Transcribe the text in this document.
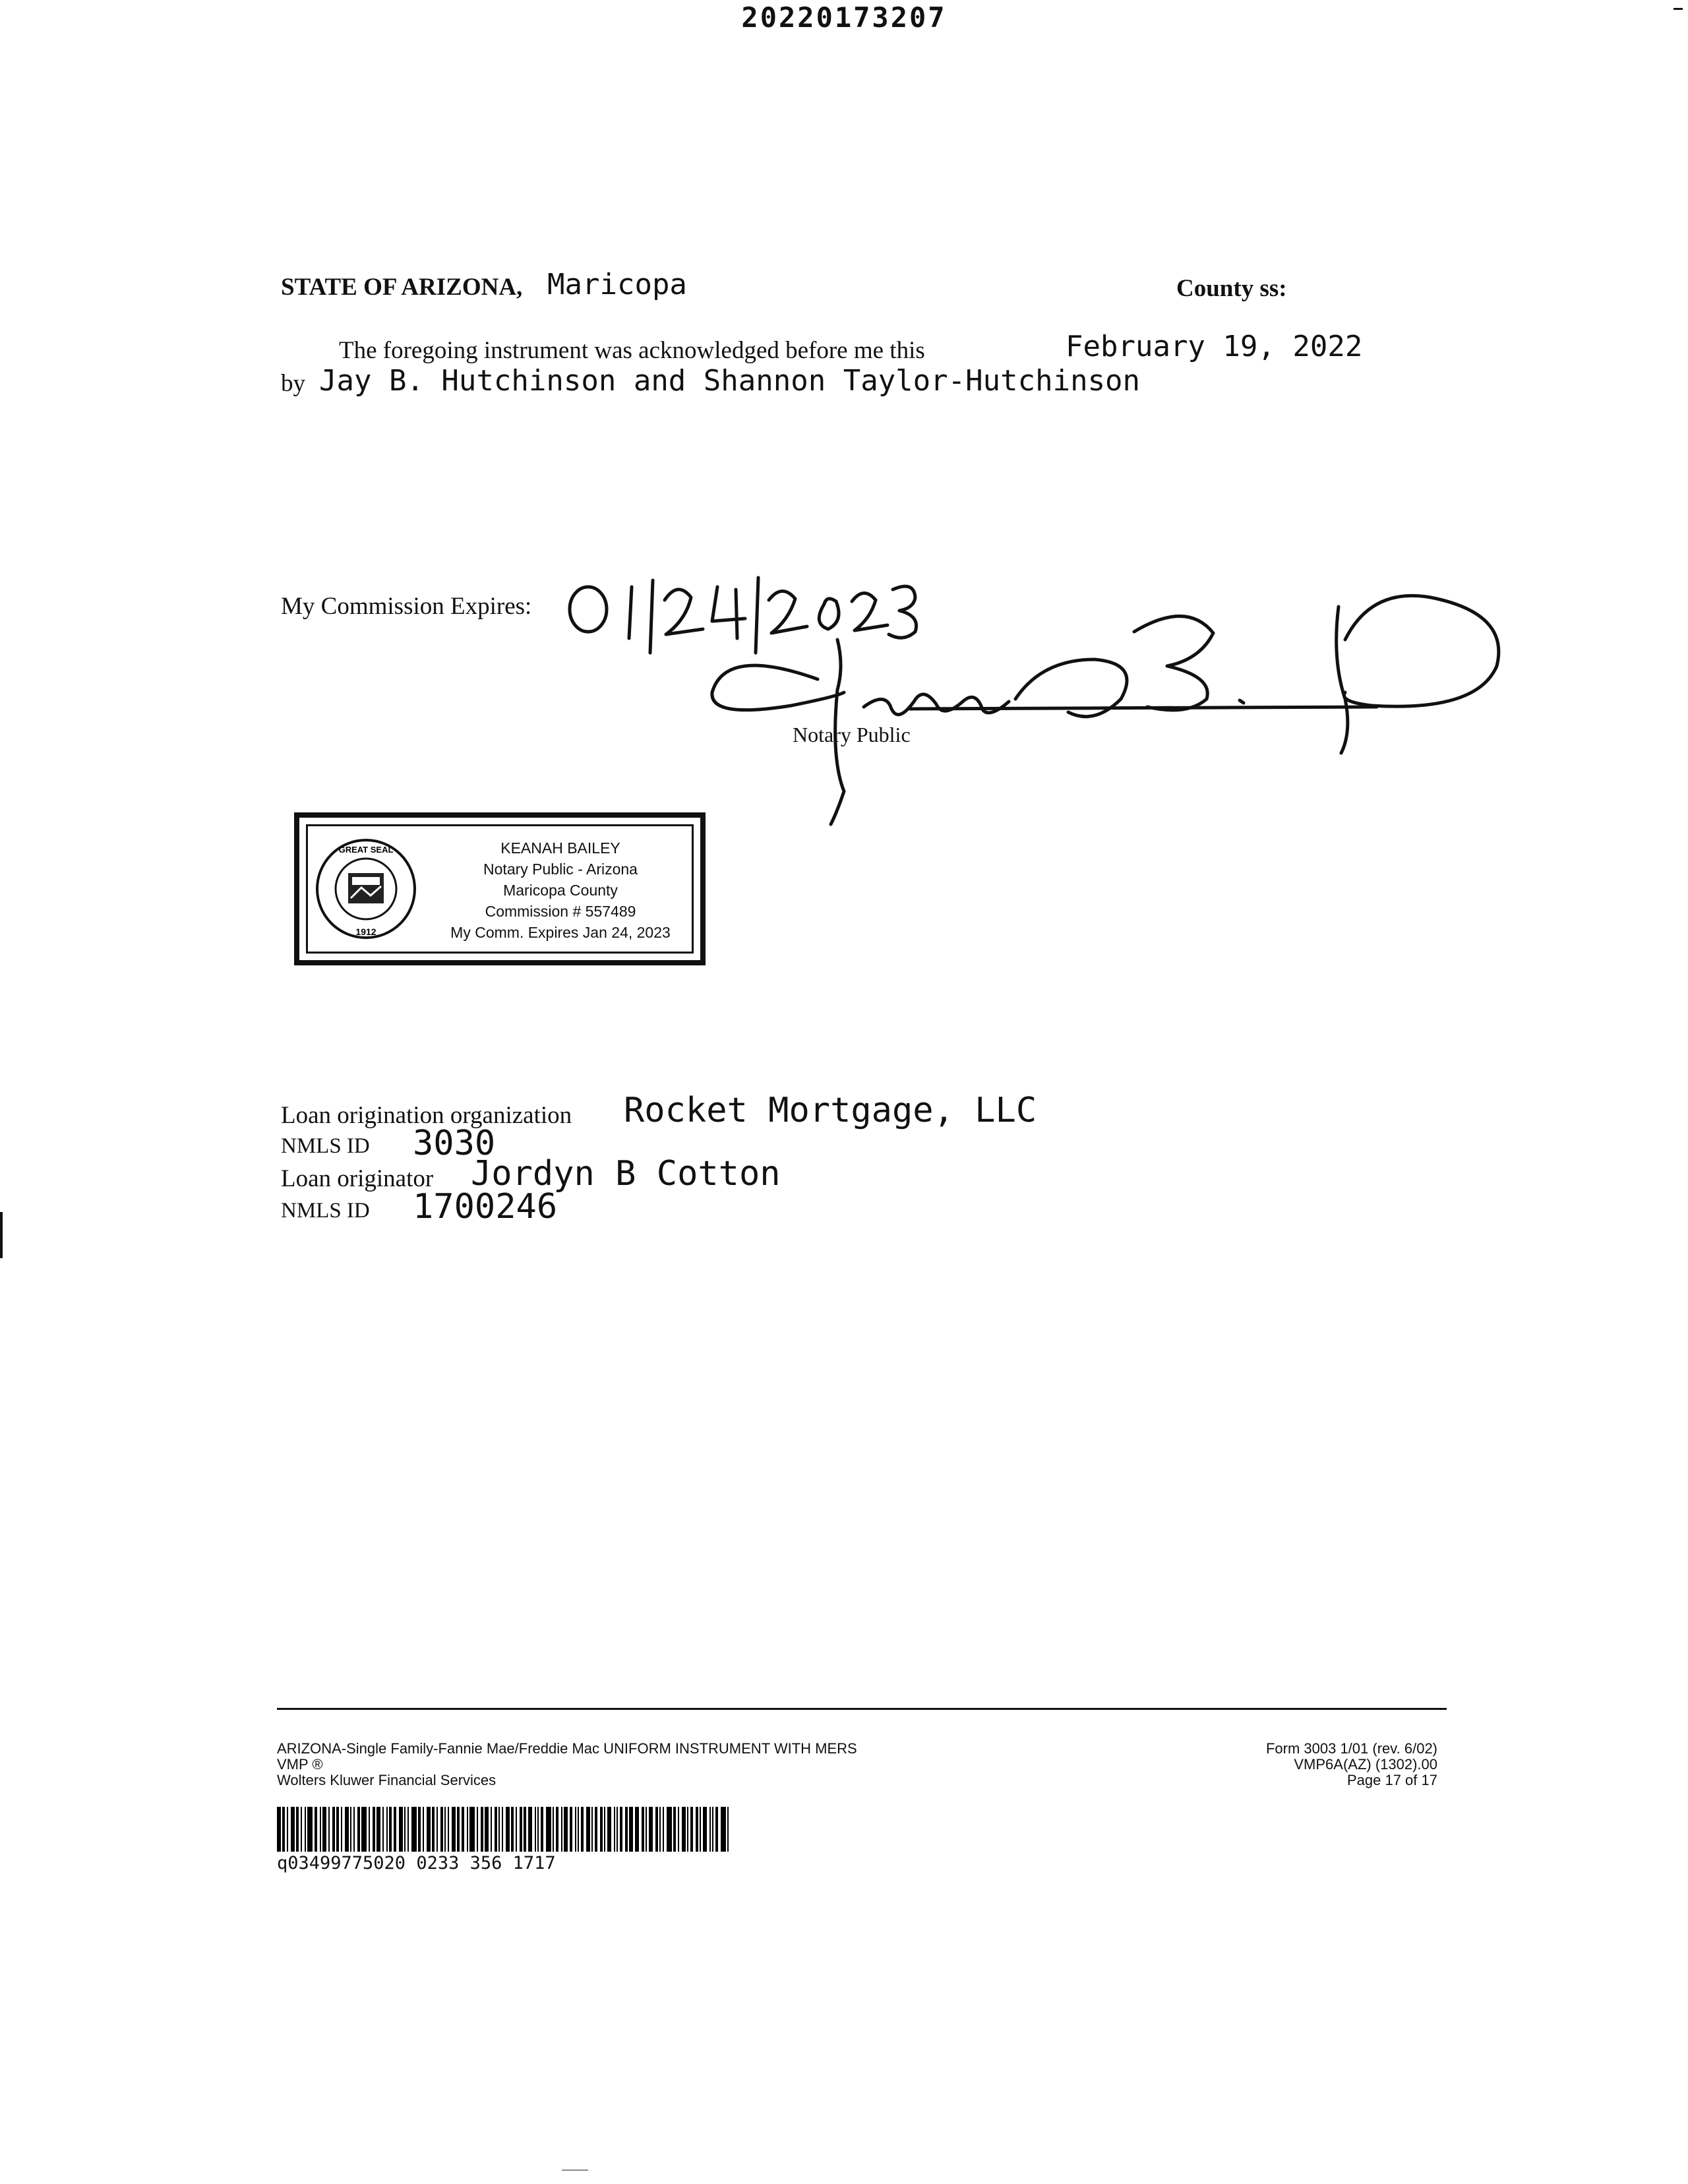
20220173207
STATE OF ARIZONA, Maricopa	County ss:
The foregoing instrument was acknowledged before me this	February 19, 2022
by Jay B. Hutchinson and Shannon Taylor-Hutchinson
My Commission Expires:
Notary Public
GREAT SEAL
1912
KEANAH BAILEY
Notary Public - Arizona
Maricopa County
Commission # 557489
My Comm. Expires Jan 24, 2023
Loan origination organization Rocket Mortgage, LLC
NMLS ID 3030
Loan originator Jordyn B Cotton
NMLS ID 1700246
ARIZONA-Single Family-Fannie Mae/Freddie Mac UNIFORM INSTRUMENT WITH MERS
VMP ®
Wolters Kluwer Financial Services
Form 3003 1/01 (rev. 6/02)
VMP6A(AZ) (1302).00
Page 17 of 17
q03499775020 0233 356 1717
